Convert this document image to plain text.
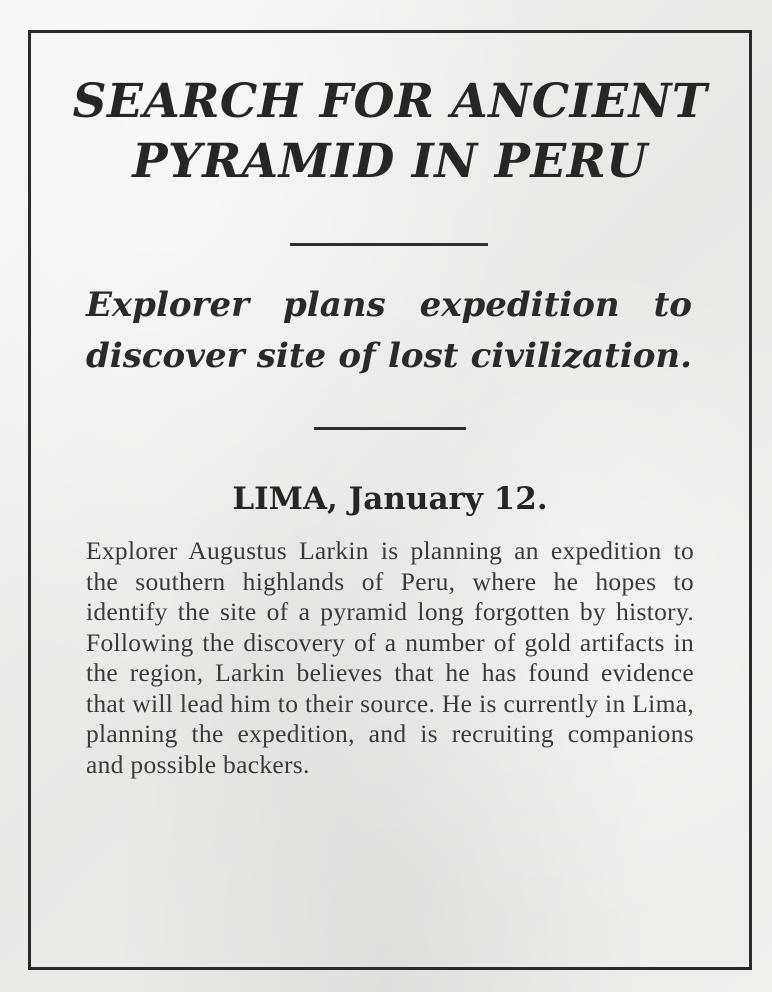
SEARCH FOR ANCIENT
PYRAMID IN PERU

Explorer plans expedition to discover site of lost civilization.

LIMA, January 12.

Explorer Augustus Larkin is planning an expedition to the southern highlands of Peru, where he hopes to identify the site of a pyramid long forgotten by history. Following the discovery of a number of gold artifacts in the region, Larkin believes that he has found evidence that will lead him to their source. He is currently in Lima, planning the expedition, and is recruiting companions and possible backers.
